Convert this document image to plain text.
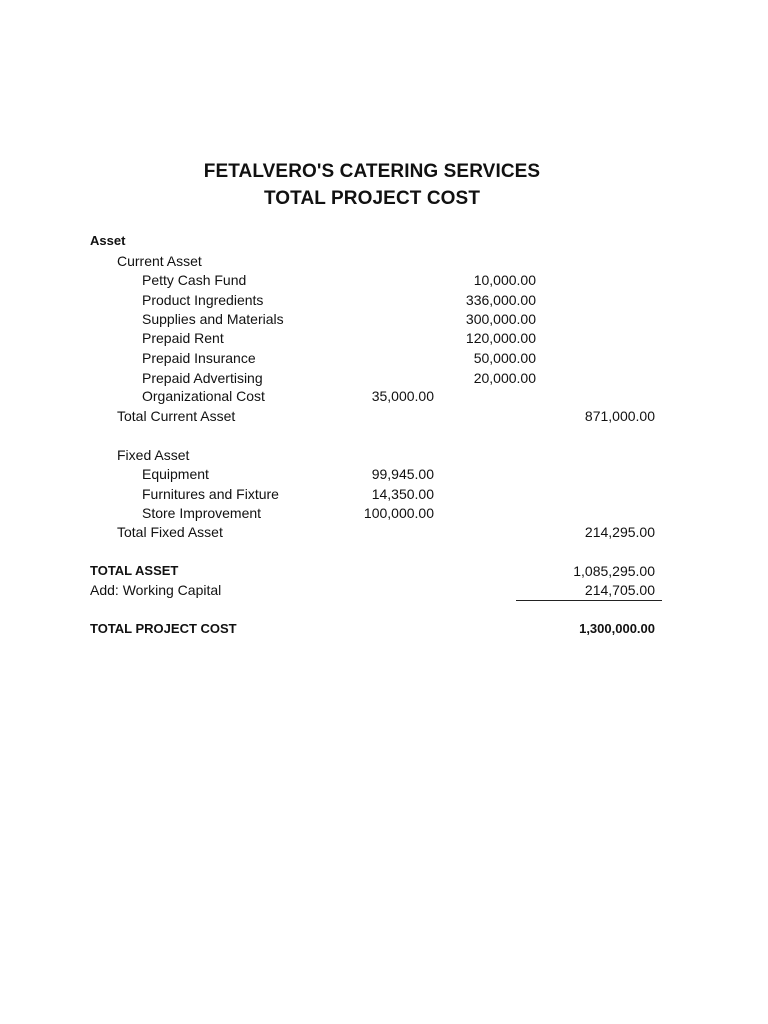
FETALVERO'S CATERING SERVICES
TOTAL PROJECT COST
Asset
Current Asset
Petty Cash Fund	10,000.00
Product Ingredients	336,000.00
Supplies and Materials	300,000.00
Prepaid Rent	120,000.00
Prepaid Insurance	50,000.00
Prepaid Advertising	20,000.00
Organizational Cost	35,000.00
Total Current Asset	871,000.00
Fixed Asset
Equipment	99,945.00
Furnitures and Fixture	14,350.00
Store Improvement	100,000.00
Total Fixed Asset	214,295.00
TOTAL ASSET	1,085,295.00
Add: Working Capital	214,705.00
TOTAL PROJECT COST	1,300,000.00
